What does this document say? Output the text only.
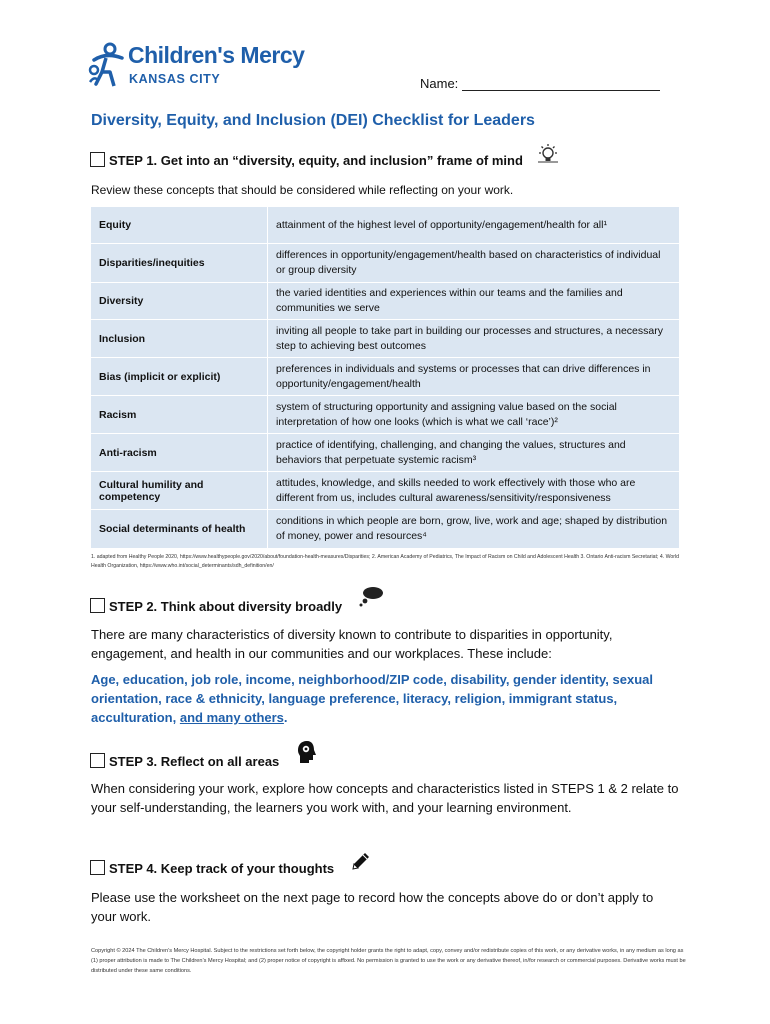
Children's Mercy
KANSAS CITY	Name:
Diversity, Equity, and Inclusion (DEI) Checklist for Leaders
STEP 1. Get into an “diversity, equity, and inclusion” frame of mind
Review these concepts that should be considered while reflecting on your work.
Equity	attainment of the highest level of opportunity/engagement/health for all¹
Disparities/inequities	differences in opportunity/engagement/health based on characteristics of individual or group diversity
Diversity	the varied identities and experiences within our teams and the families and communities we serve
Inclusion	inviting all people to take part in building our processes and structures, a necessary step to achieving best outcomes
Bias (implicit or explicit)	preferences in individuals and systems or processes that can drive differences in opportunity/engagement/health
Racism	system of structuring opportunity and assigning value based on the social interpretation of how one looks (which is what we call ‘race’)²
Anti-racism	practice of identifying, challenging, and changing the values, structures and behaviors that perpetuate systemic racism³
Cultural humility and competency	attitudes, knowledge, and skills needed to work effectively with those who are different from us, includes cultural awareness/sensitivity/responsiveness
Social determinants of health	conditions in which people are born, grow, live, work and age; shaped by distribution of money, power and resources⁴
1. adapted from Healthy People 2020, https://www.healthypeople.gov/2020/about/foundation-health-measures/Disparities; 2. American Academy of Pediatrics, The Impact of Racism on Child and Adolescent Health 3. Ontario Anti-racism Secretariat; 4. World Health Organization, https://www.who.int/social_determinants/sdh_definition/en/
STEP 2. Think about diversity broadly
There are many characteristics of diversity known to contribute to disparities in opportunity, engagement, and health in our communities and our workplaces. These include:
Age, education, job role, income, neighborhood/ZIP code, disability, gender identity, sexual orientation, race & ethnicity, language preference, literacy, religion, immigrant status, acculturation, and many others.
STEP 3. Reflect on all areas
When considering your work, explore how concepts and characteristics listed in STEPS 1 & 2 relate to your self-understanding, the learners you work with, and your learning environment.
STEP 4. Keep track of your thoughts
Please use the worksheet on the next page to record how the concepts above do or don’t apply to your work.
Copyright © 2024 The Children’s Mercy Hospital. Subject to the restrictions set forth below, the copyright holder grants the right to adapt, copy, convey and/or redistribute copies of this work, or any derivative works, in any medium as long as (1) proper attribution is made to The Children’s Mercy Hospital; and (2) proper notice of copyright is affixed. No permission is granted to use the work or any derivative thereof, in/for research or commercial purposes. Derivative works must be distributed under these same conditions.
